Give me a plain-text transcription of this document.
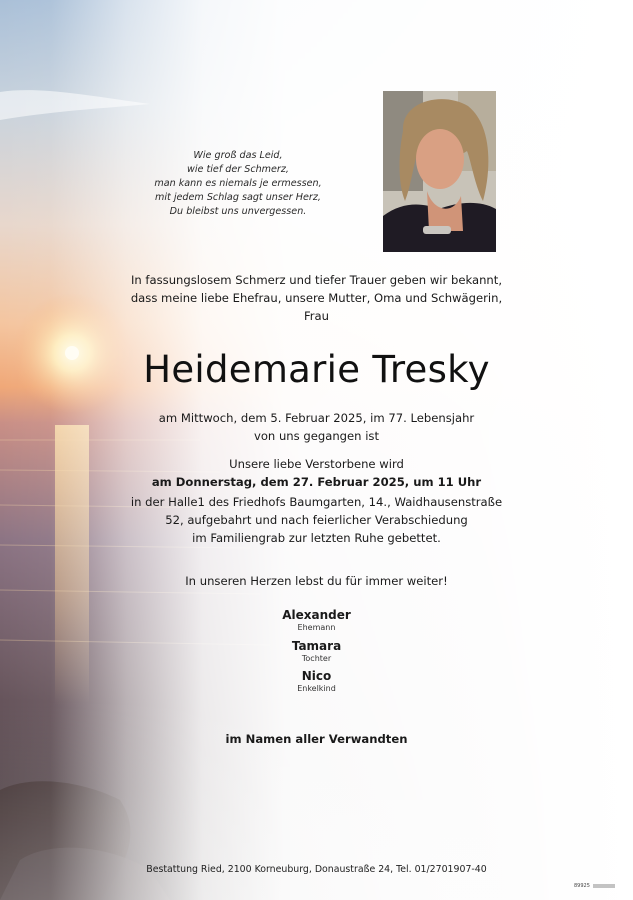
Wie groß das Leid,
wie tief der Schmerz,
man kann es niemals je ermessen,
mit jedem Schlag sagt unser Herz,
Du bleibst uns unvergessen.
In fassungslosem Schmerz und tiefer Trauer geben wir bekannt,
dass meine liebe Ehefrau, unsere Mutter, Oma und Schwägerin,
Frau
Heidemarie Tresky
am Mittwoch, dem 5. Februar 2025, im 77. Lebensjahr
von uns gegangen ist
Unsere liebe Verstorbene wird
am Donnerstag, dem 27. Februar 2025, um 11 Uhr
in der Halle1 des Friedhofs Baumgarten, 14., Waidhausenstraße
52, aufgebahrt und nach feierlicher Verabschiedung
im Familiengrab zur letzten Ruhe gebettet.
In unseren Herzen lebst du für immer weiter!
Alexander
Ehemann
Tamara
Tochter
Nico
Enkelkind
im Namen aller Verwandten
Bestattung Ried, 2100 Korneuburg, Donaustraße 24, Tel. 01/2701907-40
89925
